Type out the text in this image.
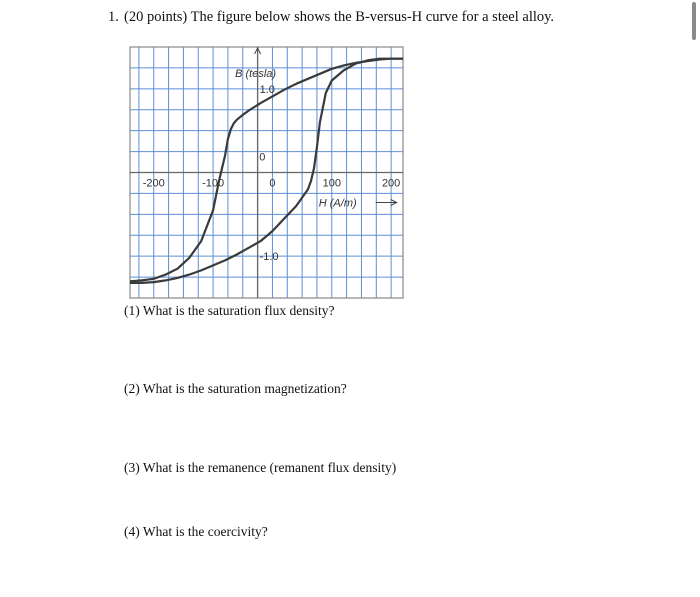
1. (20 points) The figure below shows the B-versus-H curve for a steel alloy.
-200	-100	0	100	200
1.0
-1.0
0
B (tesla)
H (A/m)
(1) What is the saturation flux density?
(2) What is the saturation magnetization?
(3) What is the remanence (remanent flux density)
(4) What is the coercivity?
